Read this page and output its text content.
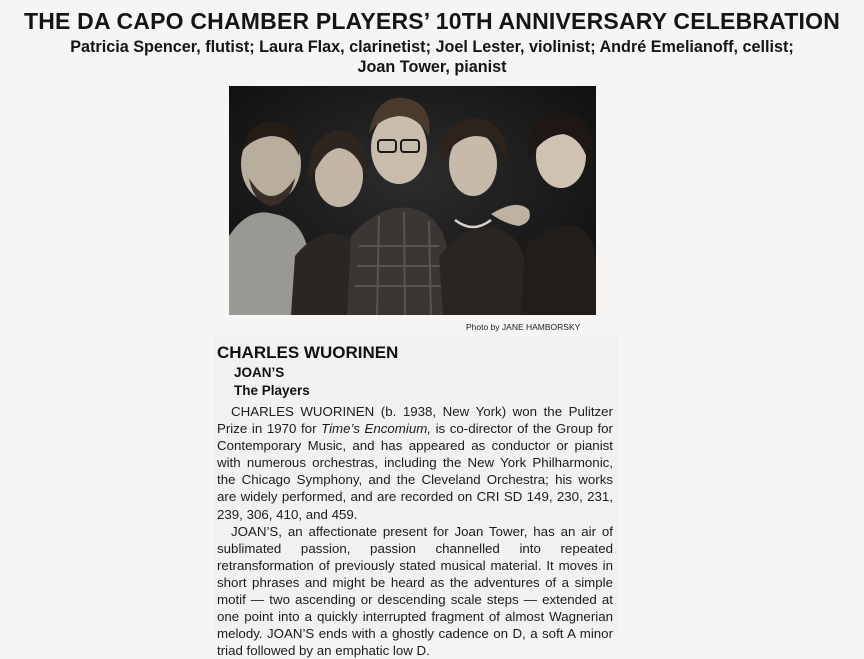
THE DA CAPO CHAMBER PLAYERS’ 10TH ANNIVERSARY CELEBRATION
Patricia Spencer, flutist; Laura Flax, clarinetist; Joel Lester, violinist; André Emelianoff, cellist;
Joan Tower, pianist
Photo by JANE HAMBORSKY
CHARLES WUORINEN
JOAN’S
The Players

CHARLES WUORINEN (b. 1938, New York) won the Pulitzer Prize in 1970 for Time’s Encomium, is co-director of the Group for Contemporary Music, and has appeared as conductor or pianist with numerous orchestras, including the New York Philharmonic, the Chicago Symphony, and the Cleveland Orchestra; his works are widely performed, and are recorded on CRI SD 149, 230, 231, 239, 306, 410, and 459.

JOAN’S, an affectionate present for Joan Tower, has an air of sublimated passion, passion channelled into repeated retransformation of previously stated musical material. It moves in short phrases and might be heard as the adventures of a simple motif — two ascending or descending scale steps — extended at one point into a quickly interrupted fragment of almost Wagnerian melody. JOAN’S ends with a ghostly cadence on D, a soft A minor triad followed by an emphatic low D.
